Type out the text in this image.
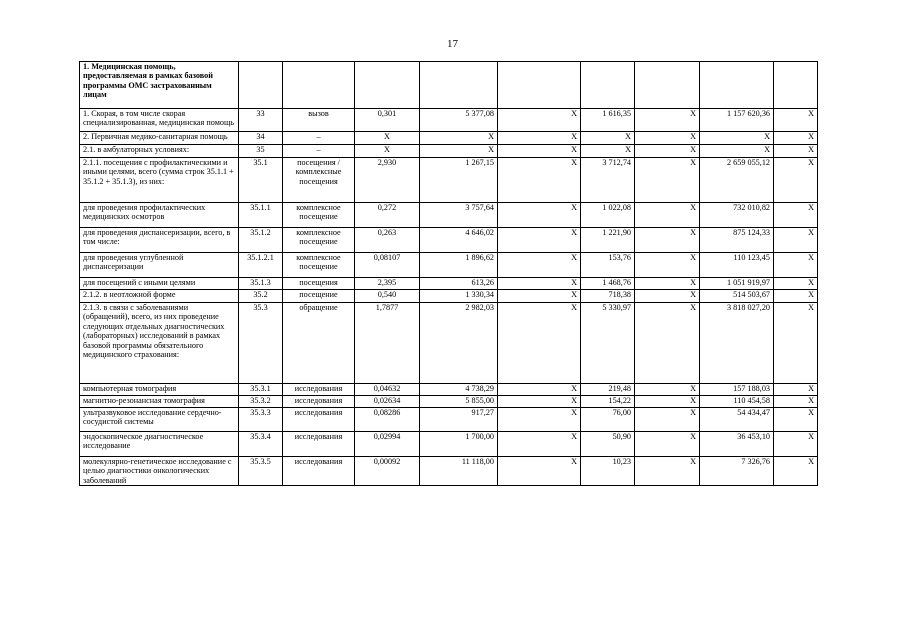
17
1. Медицинская помощь, предоставляемая в рамках базовой программы ОМС застрахованным лицам									
1. Скорая, в том числе скорая специализированная, медицинская помощь	33	вызов	0,301	5 377,08	X	1 616,35	X	1 157 620,36	X
2. Первичная медико-санитарная помощь	34	–	X	X	X	X	X	X	X
2.1. в амбулаторных условиях:	35	–	X	X	X	X	X	X	X
2.1.1. посещения с профилактическими и иными целями, всего (сумма строк 35.1.1 + 35.1.2 + 35.1.3), из них:	35.1	посещения / комплексные посещения	2,930	1 267,15	X	3 712,74	X	2 659 055,12	X
для проведения профилактических медицинских осмотров	35.1.1	комплексное посещение	0,272	3 757,64	X	1 022,08	X	732 010,82	X
для проведения диспансеризации, всего, в том числе:	35.1.2	комплексное посещение	0,263	4 646,02	X	1 221,90	X	875 124,33	X
для проведения углубленной диспансеризации	35.1.2.1	комплексное посещение	0,08107	1 896,62	X	153,76	X	110 123,45	X
для посещений с иными целями	35.1.3	посещения	2,395	613,26	X	1 468,76	X	1 051 919,97	X
2.1.2. в неотложной форме	35.2	посещение	0,540	1 330,34	X	718,38	X	514 503,67	X
2.1.3. в связи с заболеваниями (обращений), всего, из них проведение следующих отдельных диагностических (лабораторных) исследований в рамках базовой программы обязательного медицинского страхования:	35.3	обращение	1,7877	2 982,03	X	5 330,97	X	3 818 027,20	X
компьютерная томография	35.3.1	исследования	0,04632	4 738,29	X	219,48	X	157 188,03	X
магнитно-резонансная томография	35.3.2	исследования	0,02634	5 855,00	X	154,22	X	110 454,58	X
ультразвуковое исследование сердечно-сосудистой системы	35.3.3	исследования	0,08286	917,27	X	76,00	X	54 434,47	X
эндоскопическое диагностическое исследование	35.3.4	исследования	0,02994	1 700,00	X	50,90	X	36 453,10	X
молекулярно-генетическое исследование с целью диагностики онкологических заболеваний	35.3.5	исследования	0,00092	11 118,00	X	10,23	X	7 326,76	X
